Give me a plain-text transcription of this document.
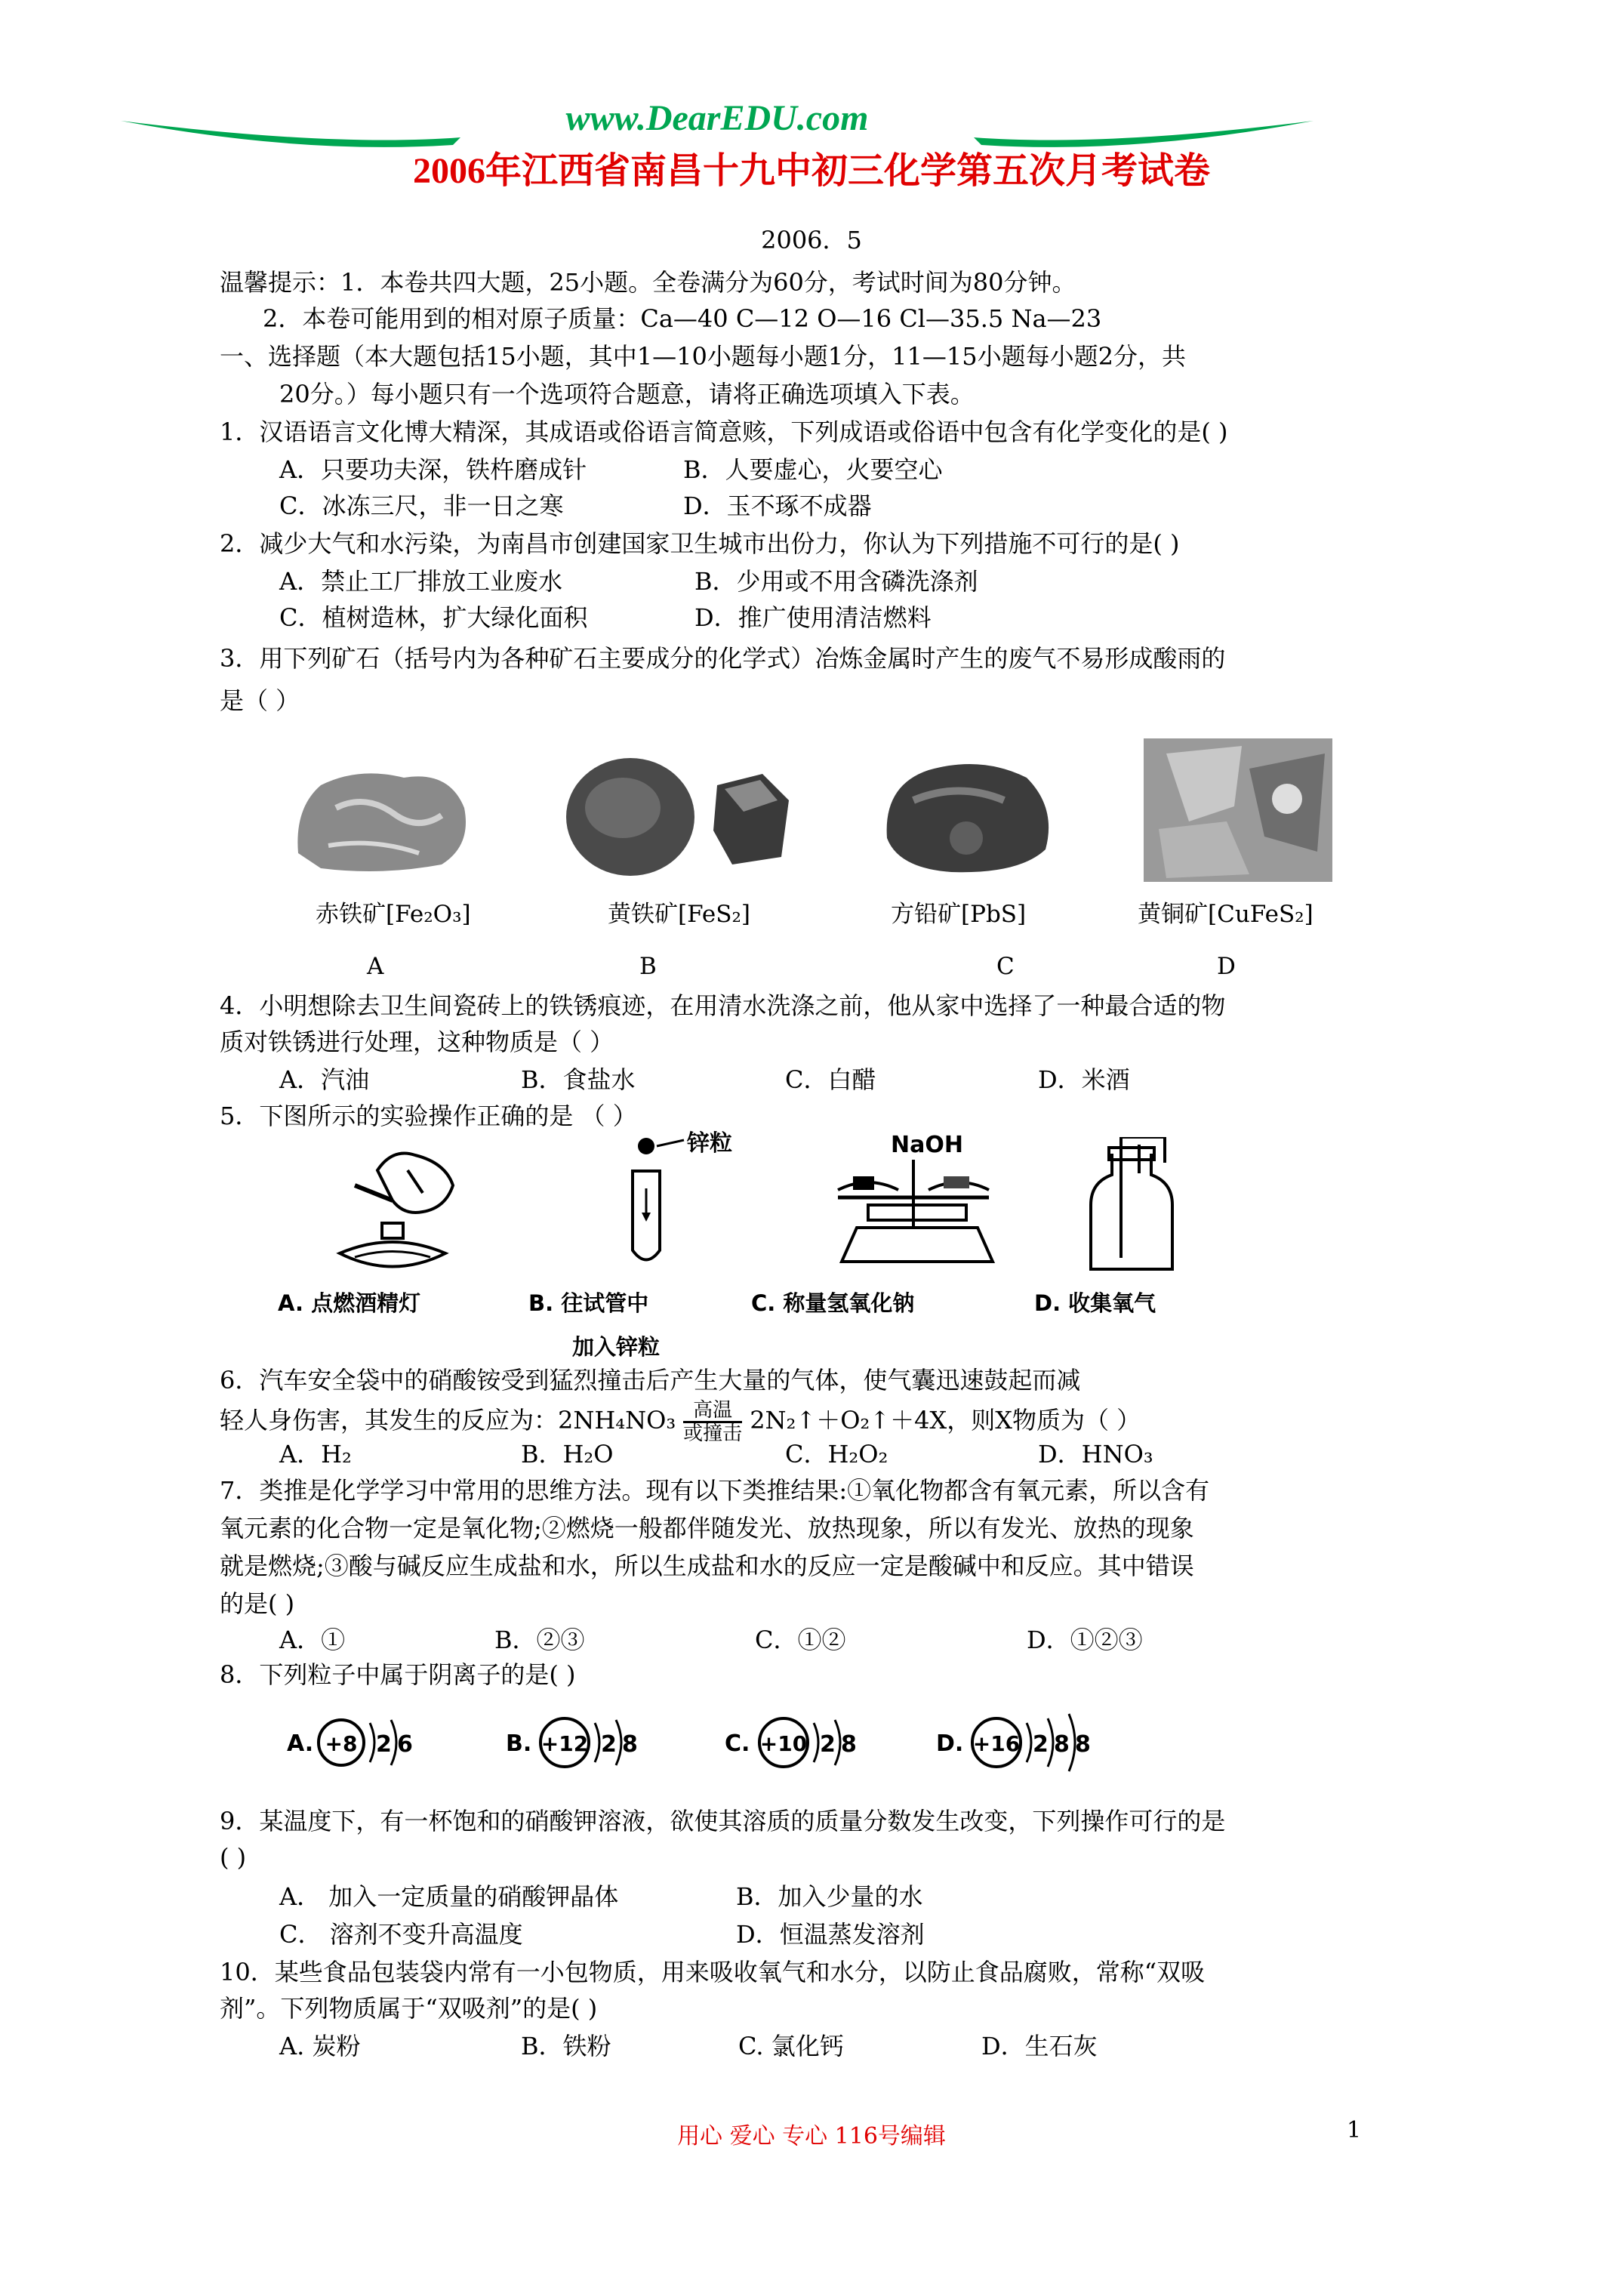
www.DearEDU.com
2006年江西省南昌十九中初三化学第五次月考试卷
2006．5
温馨提示：1．本卷共四大题，25小题。全卷满分为60分，考试时间为80分钟。
2．本卷可能用到的相对原子质量：Ca—40 C—12 O—16 Cl—35.5 Na—23
一、选择题（本大题包括15小题，其中1—10小题每小题1分，11—15小题每小题2分，共
20分。）每小题只有一个选项符合题意，请将正确选项填入下表。
1．汉语语言文化博大精深，其成语或俗语言简意赅，下列成语或俗语中包含有化学变化的是( )
A．只要功夫深，铁杵磨成针	B．人要虚心，火要空心
C．冰冻三尺，非一日之寒	D．玉不琢不成器
2．减少大气和水污染，为南昌市创建国家卫生城市出份力，你认为下列措施不可行的是( )
A．禁止工厂排放工业废水	B．少用或不用含磷洗涤剂
C．植树造林，扩大绿化面积	D．推广使用清洁燃料
3．用下列矿石（括号内为各种矿石主要成分的化学式）冶炼金属时产生的废气不易形成酸雨的
是（ ）
赤铁矿[Fe₂O₃]	黄铁矿[FeS₂]	方铅矿[PbS]	黄铜矿[CuFeS₂]
A	B	C	D
4．小明想除去卫生间瓷砖上的铁锈痕迹，在用清水洗涤之前，他从家中选择了一种最合适的物
质对铁锈进行处理，这种物质是（ ）
A．汽油	B．食盐水	C．白醋	D．米酒
5．下图所示的实验操作正确的是 （ ）
锌粒	NaOH
A. 点燃酒精灯	B. 往试管中	C. 称量氢氧化钠	D. 收集氧气
加入锌粒
6．汽车安全袋中的硝酸铵受到猛烈撞击后产生大量的气体，使气囊迅速鼓起而减
轻人身伤害，其发生的反应为：2NH₄NO₃ 高温
或撞击 2N₂↑＋O₂↑＋4X，则X物质为（ ）
A．H₂	B．H₂O	C．H₂O₂	D．HNO₃
7．类推是化学学习中常用的思维方法。现有以下类推结果:①氧化物都含有氧元素，所以含有
氧元素的化合物一定是氧化物;②燃烧一般都伴随发光、放热现象，所以有发光、放热的现象
就是燃烧;③酸与碱反应生成盐和水，所以生成盐和水的反应一定是酸碱中和反应。其中错误
的是( )
A．①	B．②③	C．①②	D．①②③
8．下列粒子中属于阴离子的是( )
A. +8 2 6	B. +12 2 8	C. +10 2 8	D. +16 2 8 8
9．某温度下，有一杯饱和的硝酸钾溶液，欲使其溶质的质量分数发生改变，下列操作可行的是
( )
A． 加入一定质量的硝酸钾晶体	B．加入少量的水
C． 溶剂不变升高温度	D．恒温蒸发溶剂
10．某些食品包装袋内常有一小包物质，用来吸收氧气和水分，以防止食品腐败，常称“双吸
剂”。下列物质属于“双吸剂”的是( )
A. 炭粉	B．铁粉	C. 氯化钙	D．生石灰
用心 爱心 专心 116号编辑	1
